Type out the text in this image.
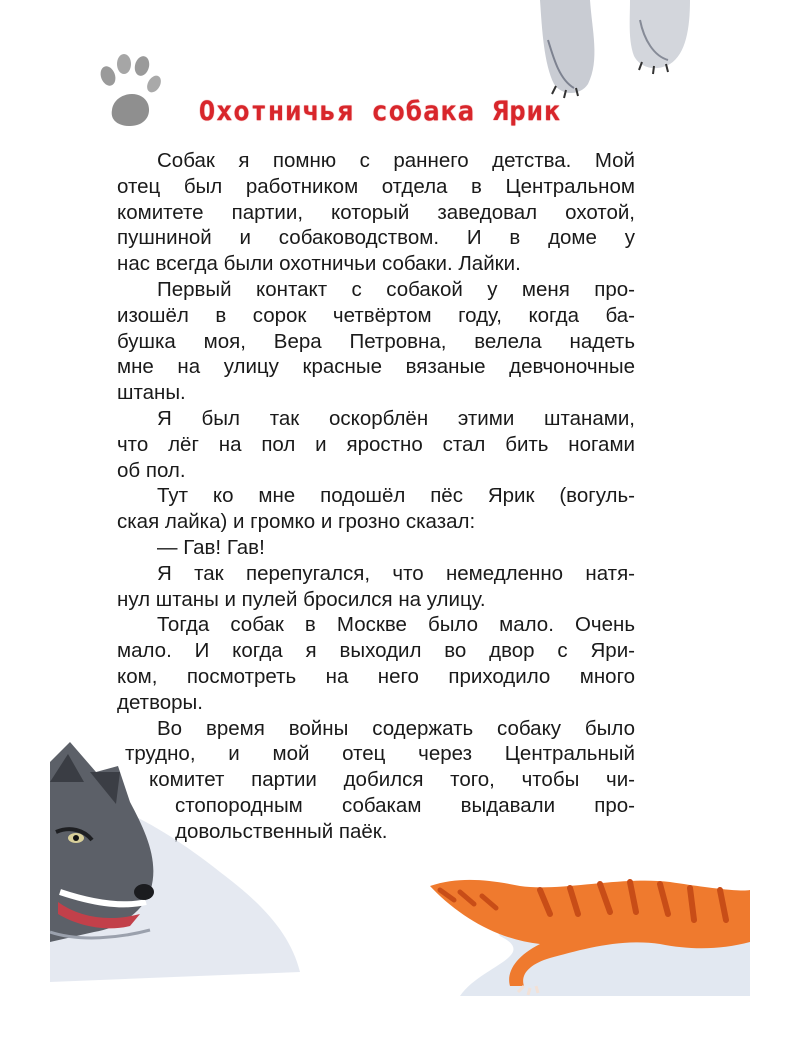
Охотничья собака Ярик
Собак я помню с раннего детства. Мой
отец был работником отдела в Центральном
комитете партии, который заведовал охотой,
пушниной и собаководством. И в доме у
нас всегда были охотничьи собаки. Лайки.
Первый контакт с собакой у меня про-
изошёл в сорок четвёртом году, когда ба-
бушка моя, Вера Петровна, велела надеть
мне на улицу красные вязаные девчоночные
штаны.
Я был так оскорблён этими штанами,
что лёг на пол и яростно стал бить ногами
об пол.
Тут ко мне подошёл пёс Ярик (вогуль-
ская лайка) и громко и грозно сказал:
— Гав! Гав!
Я так перепугался, что немедленно натя-
нул штаны и пулей бросился на улицу.
Тогда собак в Москве было мало. Очень
мало. И когда я выходил во двор с Яри-
ком, посмотреть на него приходило много
детворы.
Во время войны содержать собаку было
трудно, и мой отец через Центральный
комитет партии добился того, чтобы чи-
стопородным собакам выдавали про-
довольственный паёк.
